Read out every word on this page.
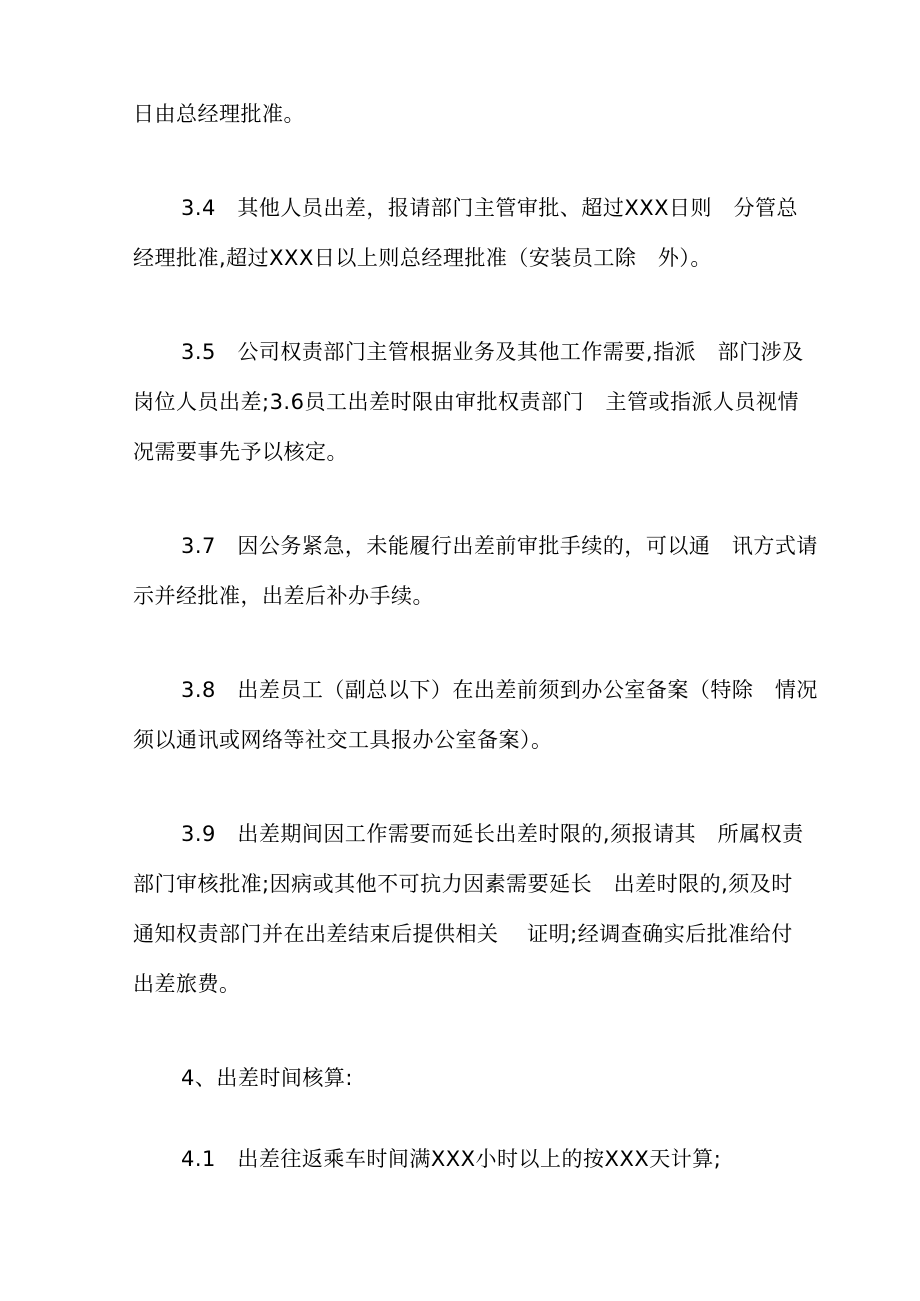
日由总经理批准。
3.4　其他人员出差，报请部门主管审批、超过XXX日则　分管总
经理批准,超过XXX日以上则总经理批准（安装员工除　外）。
3.5　公司权责部门主管根据业务及其他工作需要,指派　部门涉及
岗位人员出差;3.6员工出差时限由审批权责部门　主管或指派人员视情
况需要事先予以核定。
3.7　因公务紧急，未能履行出差前审批手续的，可以通　讯方式请
示并经批准，出差后补办手续。
3.8　出差员工（副总以下）在出差前须到办公室备案（特除　情况
须以通讯或网络等社交工具报办公室备案）。
3.9　出差期间因工作需要而延长出差时限的,须报请其　所属权责
部门审核批准;因病或其他不可抗力因素需要延长　出差时限的,须及时
通知权责部门并在出差结束后提供相关　 证明;经调查确实后批准给付
出差旅费。
4、出差时间核算:
4.1　出差往返乘车时间满XXX小时以上的按XXX天计算;
